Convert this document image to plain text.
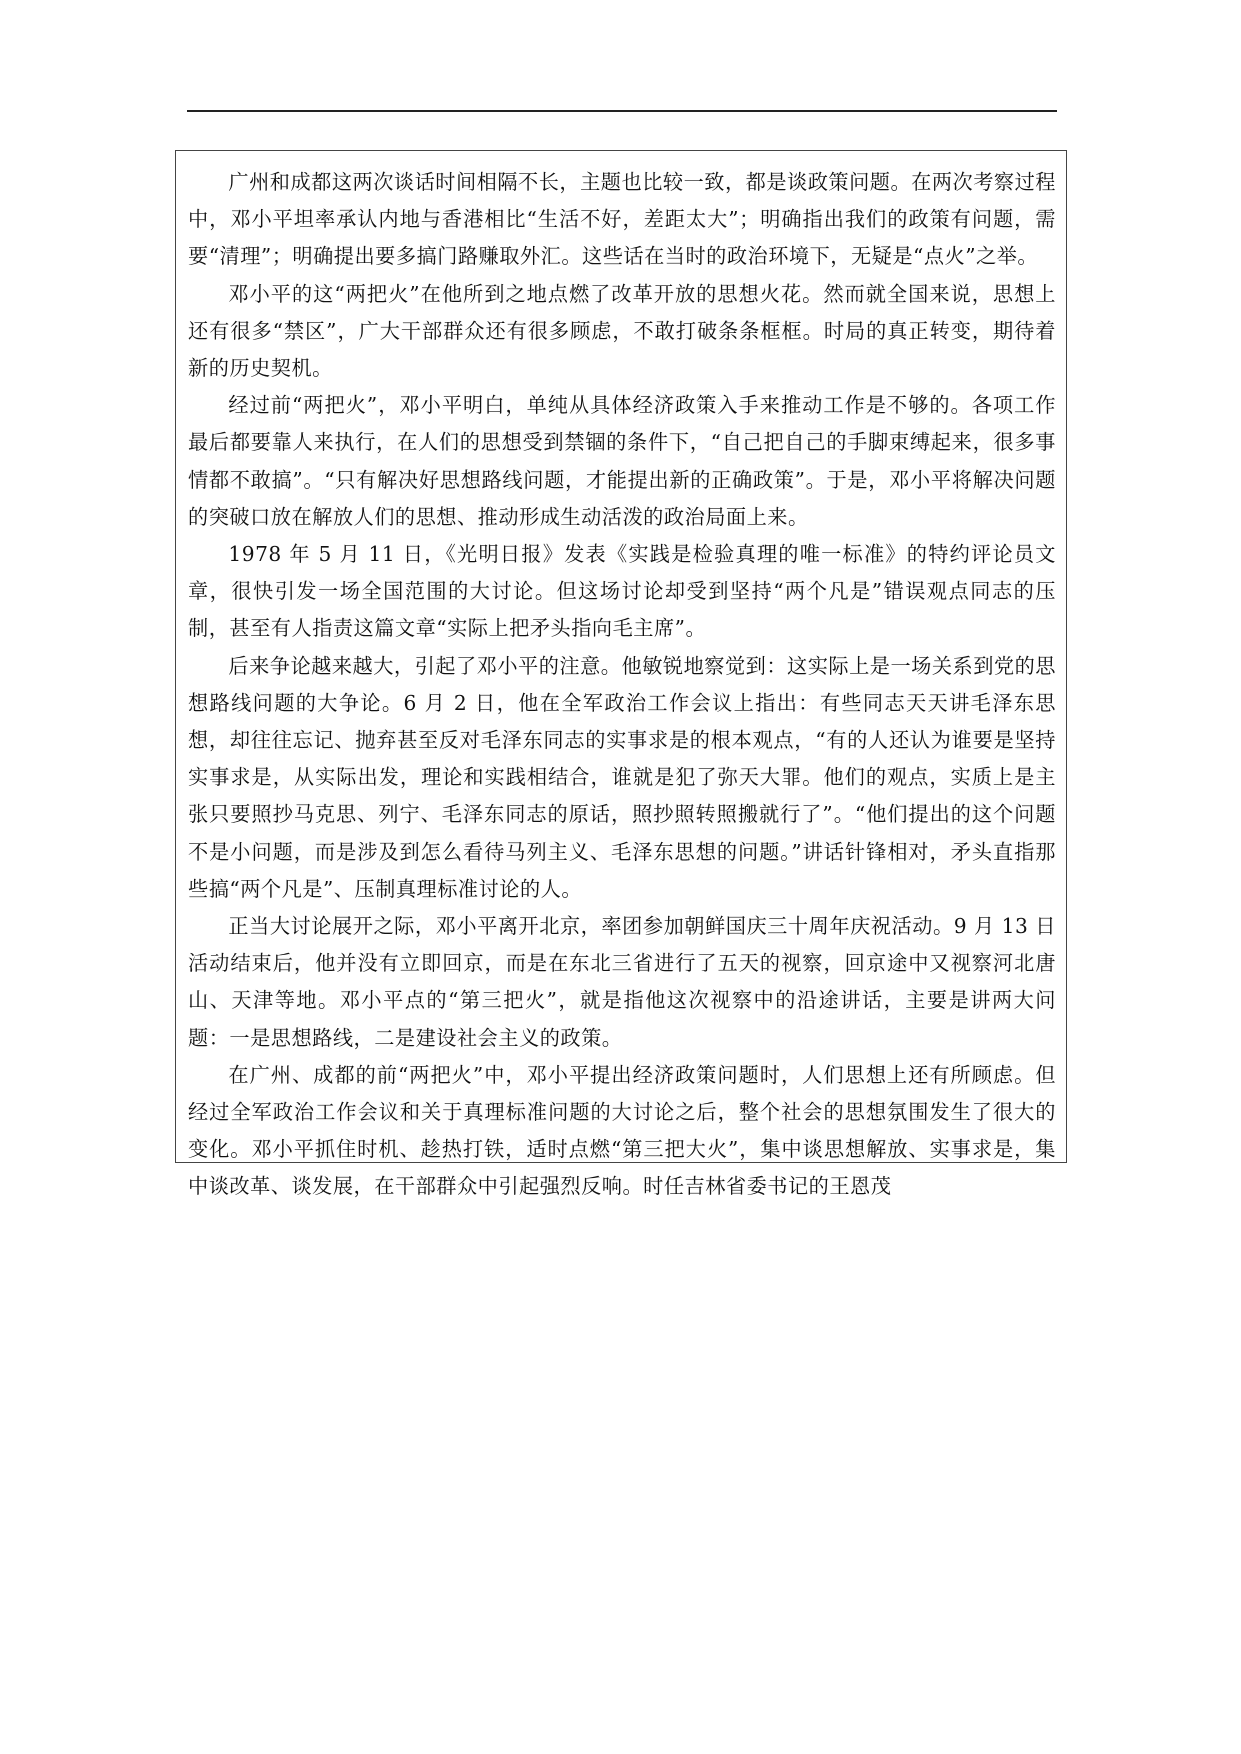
广州和成都这两次谈话时间相隔不长，主题也比较一致，都是谈政策问题。在两次考察过程中，邓小平坦率承认内地与香港相比“生活不好，差距太大”；明确指出我们的政策有问题，需要“清理”；明确提出要多搞门路赚取外汇。这些话在当时的政治环境下，无疑是“点火”之举。

邓小平的这“两把火”在他所到之地点燃了改革开放的思想火花。然而就全国来说，思想上还有很多“禁区”，广大干部群众还有很多顾虑，不敢打破条条框框。时局的真正转变，期待着新的历史契机。

经过前“两把火”，邓小平明白，单纯从具体经济政策入手来推动工作是不够的。各项工作最后都要靠人来执行，在人们的思想受到禁锢的条件下，“自己把自己的手脚束缚起来，很多事情都不敢搞”。“只有解决好思想路线问题，才能提出新的正确政策”。于是，邓小平将解决问题的突破口放在解放人们的思想、推动形成生动活泼的政治局面上来。

1978 年 5 月 11 日，《光明日报》发表《实践是检验真理的唯一标准》的特约评论员文章，很快引发一场全国范围的大讨论。但这场讨论却受到坚持“两个凡是”错误观点同志的压制，甚至有人指责这篇文章“实际上把矛头指向毛主席”。

后来争论越来越大，引起了邓小平的注意。他敏锐地察觉到：这实际上是一场关系到党的思想路线问题的大争论。6 月 2 日，他在全军政治工作会议上指出：有些同志天天讲毛泽东思想，却往往忘记、抛弃甚至反对毛泽东同志的实事求是的根本观点，“有的人还认为谁要是坚持实事求是，从实际出发，理论和实践相结合，谁就是犯了弥天大罪。他们的观点，实质上是主张只要照抄马克思、列宁、毛泽东同志的原话，照抄照转照搬就行了”。“他们提出的这个问题不是小问题，而是涉及到怎么看待马列主义、毛泽东思想的问题。”讲话针锋相对，矛头直指那些搞“两个凡是”、压制真理标准讨论的人。

正当大讨论展开之际，邓小平离开北京，率团参加朝鲜国庆三十周年庆祝活动。9 月 13 日活动结束后，他并没有立即回京，而是在东北三省进行了五天的视察，回京途中又视察河北唐山、天津等地。邓小平点的“第三把火”，就是指他这次视察中的沿途讲话，主要是讲两大问题：一是思想路线，二是建设社会主义的政策。

在广州、成都的前“两把火”中，邓小平提出经济政策问题时，人们思想上还有所顾虑。但经过全军政治工作会议和关于真理标准问题的大讨论之后，整个社会的思想氛围发生了很大的变化。邓小平抓住时机、趁热打铁，适时点燃“第三把大火”，集中谈思想解放、实事求是，集中谈改革、谈发展，在干部群众中引起强烈反响。时任吉林省委书记的王恩茂
